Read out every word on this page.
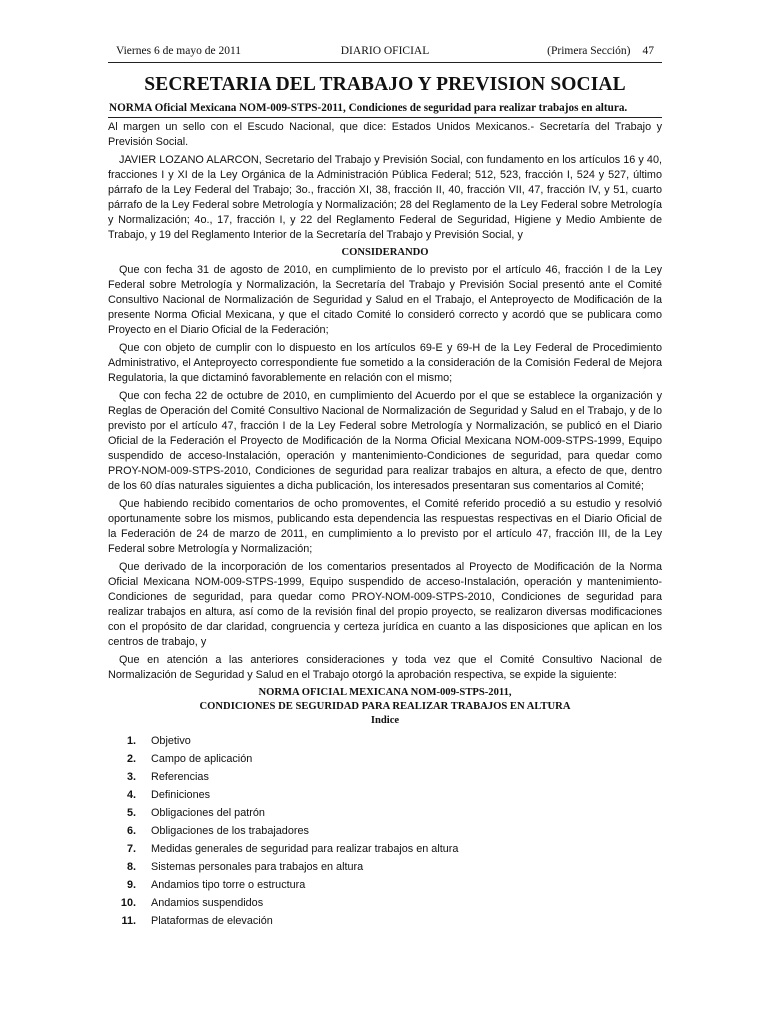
Viernes 6 de mayo de 2011	DIARIO OFICIAL	(Primera Sección) 47
SECRETARIA DEL TRABAJO Y PREVISION SOCIAL
NORMA Oficial Mexicana NOM-009-STPS-2011, Condiciones de seguridad para realizar trabajos en altura.

Al margen un sello con el Escudo Nacional, que dice: Estados Unidos Mexicanos.- Secretaría del Trabajo y Previsión Social.

JAVIER LOZANO ALARCON, Secretario del Trabajo y Previsión Social, con fundamento en los artículos 16 y 40, fracciones I y XI de la Ley Orgánica de la Administración Pública Federal; 512, 523, fracción I, 524 y 527, último párrafo de la Ley Federal del Trabajo; 3o., fracción XI, 38, fracción II, 40, fracción VII, 47, fracción IV, y 51, cuarto párrafo de la Ley Federal sobre Metrología y Normalización; 28 del Reglamento de la Ley Federal sobre Metrología y Normalización; 4o., 17, fracción I, y 22 del Reglamento Federal de Seguridad, Higiene y Medio Ambiente de Trabajo, y 19 del Reglamento Interior de la Secretaría del Trabajo y Previsión Social, y

CONSIDERANDO

Que con fecha 31 de agosto de 2010, en cumplimiento de lo previsto por el artículo 46, fracción I de la Ley Federal sobre Metrología y Normalización, la Secretaría del Trabajo y Previsión Social presentó ante el Comité Consultivo Nacional de Normalización de Seguridad y Salud en el Trabajo, el Anteproyecto de Modificación de la presente Norma Oficial Mexicana, y que el citado Comité lo consideró correcto y acordó que se publicara como Proyecto en el Diario Oficial de la Federación;

Que con objeto de cumplir con lo dispuesto en los artículos 69-E y 69-H de la Ley Federal de Procedimiento Administrativo, el Anteproyecto correspondiente fue sometido a la consideración de la Comisión Federal de Mejora Regulatoria, la que dictaminó favorablemente en relación con el mismo;

Que con fecha 22 de octubre de 2010, en cumplimiento del Acuerdo por el que se establece la organización y Reglas de Operación del Comité Consultivo Nacional de Normalización de Seguridad y Salud en el Trabajo, y de lo previsto por el artículo 47, fracción I de la Ley Federal sobre Metrología y Normalización, se publicó en el Diario Oficial de la Federación el Proyecto de Modificación de la Norma Oficial Mexicana NOM-009-STPS-1999, Equipo suspendido de acceso-Instalación, operación y mantenimiento-Condiciones de seguridad, para quedar como PROY-NOM-009-STPS-2010, Condiciones de seguridad para realizar trabajos en altura, a efecto de que, dentro de los 60 días naturales siguientes a dicha publicación, los interesados presentaran sus comentarios al Comité;

Que habiendo recibido comentarios de ocho promoventes, el Comité referido procedió a su estudio y resolvió oportunamente sobre los mismos, publicando esta dependencia las respuestas respectivas en el Diario Oficial de la Federación de 24 de marzo de 2011, en cumplimiento a lo previsto por el artículo 47, fracción III, de la Ley Federal sobre Metrología y Normalización;

Que derivado de la incorporación de los comentarios presentados al Proyecto de Modificación de la Norma Oficial Mexicana NOM-009-STPS-1999, Equipo suspendido de acceso-Instalación, operación y mantenimiento-Condiciones de seguridad, para quedar como PROY-NOM-009-STPS-2010, Condiciones de seguridad para realizar trabajos en altura, así como de la revisión final del propio proyecto, se realizaron diversas modificaciones con el propósito de dar claridad, congruencia y certeza jurídica en cuanto a las disposiciones que aplican en los centros de trabajo, y

Que en atención a las anteriores consideraciones y toda vez que el Comité Consultivo Nacional de Normalización de Seguridad y Salud en el Trabajo otorgó la aprobación respectiva, se expide la siguiente:

NORMA OFICIAL MEXICANA NOM-009-STPS-2011,
CONDICIONES DE SEGURIDAD PARA REALIZAR TRABAJOS EN ALTURA
Indice
1. Objetivo
2. Campo de aplicación
3. Referencias
4. Definiciones
5. Obligaciones del patrón
6. Obligaciones de los trabajadores
7. Medidas generales de seguridad para realizar trabajos en altura
8. Sistemas personales para trabajos en altura
9. Andamios tipo torre o estructura
10. Andamios suspendidos
11. Plataformas de elevación
